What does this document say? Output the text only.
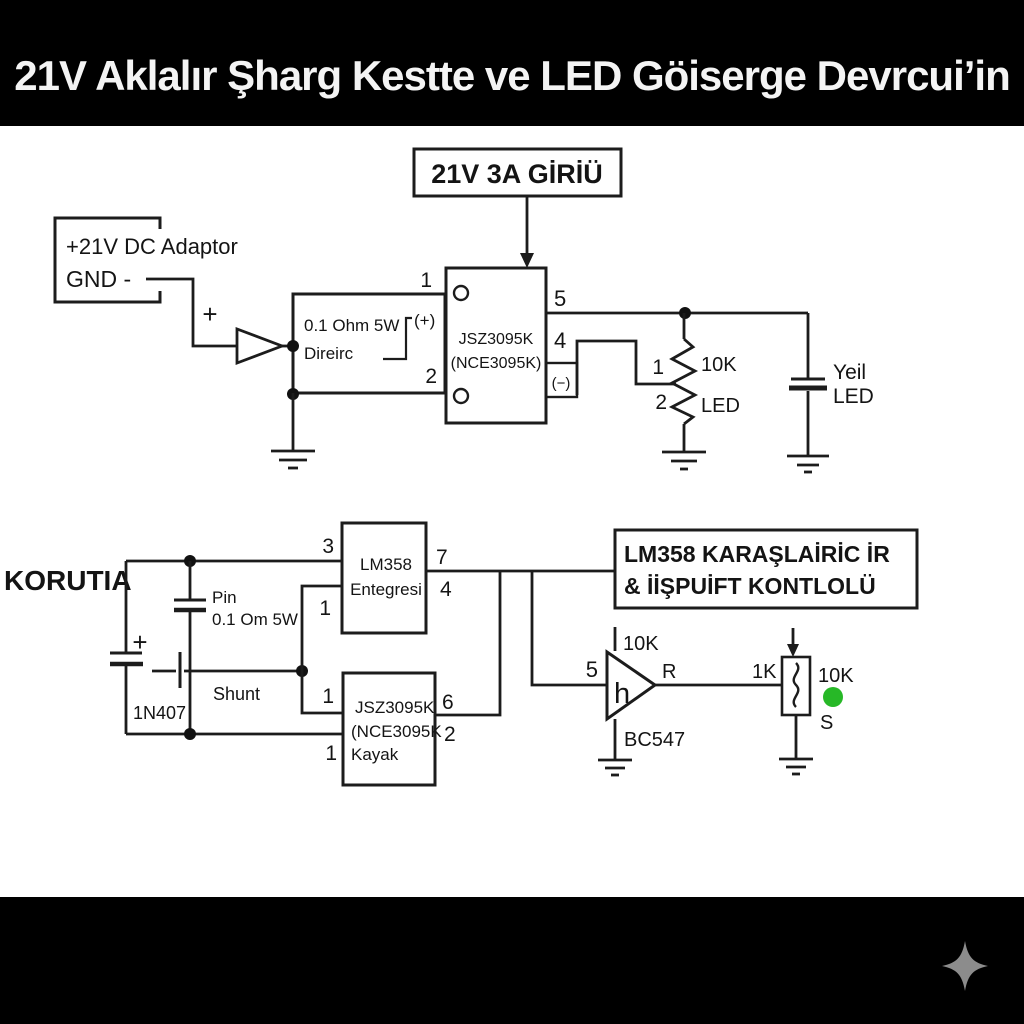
21V Aklalır Şharg Kestte ve LED Göiserge Devrcui’in
21V 3A GİRİÜ
+21V DC Adaptor
GND -
+	0.1 Ohm 5W
Direirc
(+)
JSZ3095K
(NCE3095K)
1
2
5
4
(−)
1
2
10K
LED
Yeil
LED
KORUTIA
+
Pin
0.1 Om 5W
Shunt
1N407
LM358
Entegresi
3
1
7
4
JSZ3095K
(NCE3095K
Kayak
1
1
6
2
LM358 KARAŞLAİRİC İR
& İİŞPUİFT KONTLOLÜ
h
10K
5
BC547
R	1K 10K
S
